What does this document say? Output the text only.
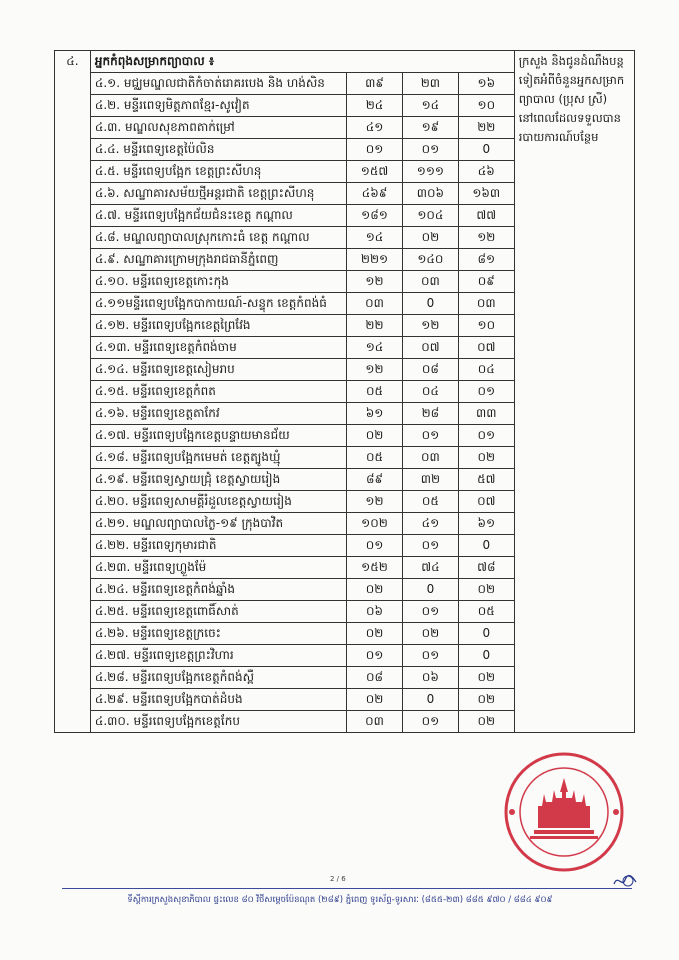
៤.	អ្នកកំពុងសម្រាកព្យាបាល ៖				ក្រសួង និងជូនដំណឹងបន្តទៀតអំពីចំនួនអ្នកសម្រាកព្យាបាល (ប្រុស ស្រី) នៅពេលដែលទទួលបានរបាយការណ៍បន្ថែម
	៤.១. មជ្ឈមណ្ឌលជាតិកំចាត់រោគរបេង និង ហង់សិន	៣៩	២៣	១៦	
	៤.២. មន្ទីរពេទ្យមិត្តភាពខ្មែរ-សូវៀត	២៤	១៤	១០	
	៤.៣. មណ្ឌលសុខភាពតាក់ម្រៅ	៤១	១៩	២២	
	៤.៤. មន្ទីរពេទ្យខេត្តប៉ៃលិន	០១	០១	0	
	៤.៥. មន្ទីរពេទ្យបង្អែក ខេត្តព្រះសីហនុ	១៥៧	១១១	៤៦	
	៤.៦. សណ្ឋាគារសម័យថ្មីអន្តរជាតិ ខេត្តព្រះសីហនុ	៤៦៩	៣០៦	១៦៣	
	៤.៧. មន្ទីរពេទ្យបង្អែកជ័យជំនះខេត្ត កណ្ដាល	១៨១	១០៤	៧៧	
	៤.៨. មណ្ឌលព្យាបាលស្រុកកោះធំ ខេត្ត កណ្ដាល	១៤	០២	១២	
	៤.៩. សណ្ឋាគារក្រោមក្រុងរាជធានីភ្នំពេញ	២២១	១៤០	៨១	
	៤.១០. មន្ទីរពេទ្យខេត្តកោះកុង	១២	០៣	០៩	
	៤.១១មន្ទីរពេទ្យបង្អែកបាកាយណ៍-សន្ទុក ខេត្តកំពង់ធំ	០៣	0	០៣	
	៤.១២. មន្ទីរពេទ្យបង្អែកខេត្តព្រៃវែង	២២	១២	១០	
	៤.១៣. មន្ទីរពេទ្យខេត្តកំពង់ចាម	១៤	០៧	០៧	
	៤.១៤. មន្ទីរពេទ្យខេត្តសៀមរាប	១២	០៨	០៤	
	៤.១៥. មន្ទីរពេទ្យខេត្តកំពត	០៥	០៤	០១	
	៤.១៦. មន្ទីរពេទ្យខេត្តតាកែវ	៦១	២៨	៣៣	
	៤.១៧. មន្ទីរពេទ្យបង្អែកខេត្តបន្ទាយមានជ័យ	០២	០១	០១	
	៤.១៨. មន្ទីរពេទ្យបង្អែកមេមត់ ខេត្តត្បូងឃ្មុំ	០៥	០៣	០២	
	៤.១៩. មន្ទីរពេទ្យស្វាយជ្រុំ ខេត្តស្វាយរៀង	៨៩	៣២	៥៧	
	៤.២០. មន្ទីរពេទ្យសាមគ្គីរំដួលខេត្តស្វាយរៀង	១២	០៥	០៧	
	៤.២១. មណ្ឌលព្យាបាលក្ងៃ-១៩ ក្រុងបាវិត	១០២	៤១	៦១	
	៤.២២. មន្ទីរពេទ្យកុមារជាតិ	០១	០១	0	
	៤.២៣. មន្ទីរពេទ្យហ្លួងម៉ែ	១៥២	៧៤	៧៨	
	៤.២៤. មន្ទីរពេទ្យខេត្តកំពង់ឆ្នាំង	០២	0	០២	
	៤.២៥. មន្ទីរពេទ្យខេត្តពោធិ៍សាត់	០៦	០១	០៥	
	៤.២៦. មន្ទីរពេទ្យខេត្តក្រចេះ	០២	០២	0	
	៤.២៧. មន្ទីរពេទ្យខេត្តព្រះវិហារ	០១	០១	0	
	៤.២៨. មន្ទីរពេទ្យបង្អែកខេត្តកំពង់ស្ពឺ	០៨	០៦	០២	
	៤.២៩. មន្ទីរពេទ្យបង្អែកបាត់ដំបង	០២	0	០២	
	៤.៣០. មន្ទីរពេទ្យបង្អែកខេត្តកែប	០៣	០១	០២	
2 / 6
ទីស្តីការក្រសួងសុខាភិបាល ផ្ទះលេខ ៨០ វិថីសម្តេចប៉ែនណុត (២៨៩) ភ្នំពេញ ទូរស័ព្ទ-ទូរសារៈ (៨៥៥-២៣) ៨៨៥ ៩៧០ / ៨៨៤ ៩០៩
